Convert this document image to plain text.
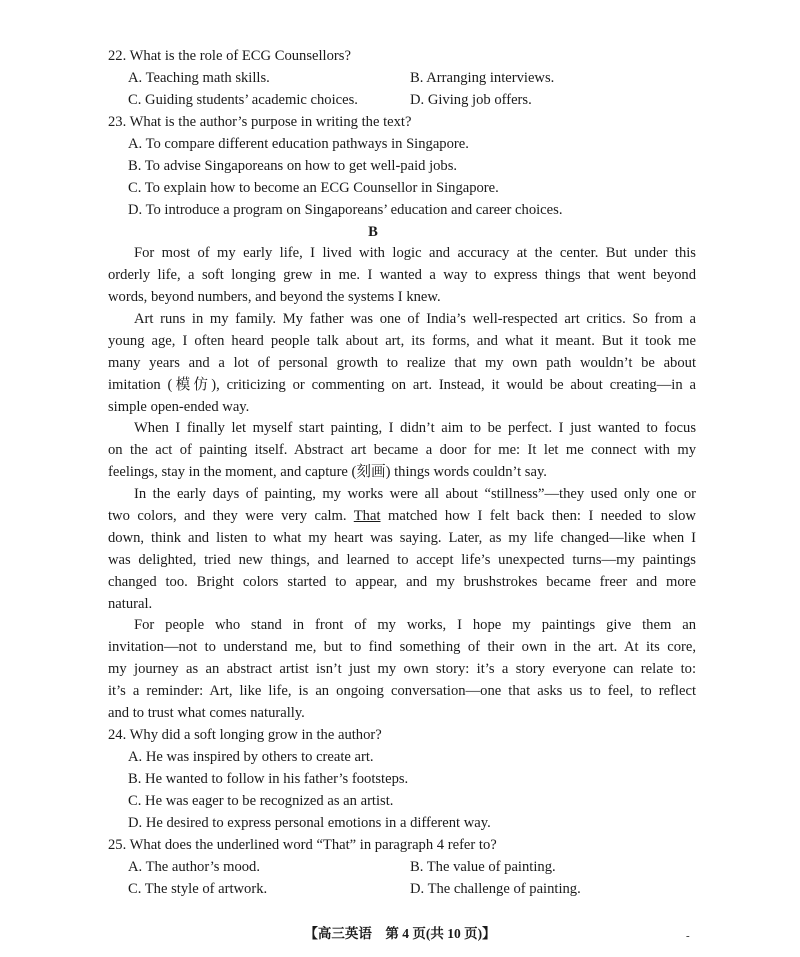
22. What is the role of ECG Counsellors?
A. Teaching math skills.	B. Arranging interviews.
C. Guiding students’ academic choices.	D. Giving job offers.
23. What is the author’s purpose in writing the text?
A. To compare different education pathways in Singapore.
B. To advise Singaporeans on how to get well-paid jobs.
C. To explain how to become an ECG Counsellor in Singapore.
D. To introduce a program on Singaporeans’ education and career choices.
B
For most of my early life, I lived with logic and accuracy at the center. But under this
orderly life, a soft longing grew in me. I wanted a way to express things that went beyond
words, beyond numbers, and beyond the systems I knew.
Art runs in my family. My father was one of India’s well-respected art critics. So from a
young age, I often heard people talk about art, its forms, and what it meant. But it took me
many years and a lot of personal growth to realize that my own path wouldn’t be about
imitation (模仿), criticizing or commenting on art. Instead, it would be about creating—in a
simple open-ended way.
When I finally let myself start painting, I didn’t aim to be perfect. I just wanted to focus
on the act of painting itself. Abstract art became a door for me: It let me connect with my
feelings, stay in the moment, and capture (刻画) things words couldn’t say.
In the early days of painting, my works were all about “stillness”—they used only one or
two colors, and they were very calm. That matched how I felt back then: I needed to slow
down, think and listen to what my heart was saying. Later, as my life changed—like when I
was delighted, tried new things, and learned to accept life’s unexpected turns—my paintings
changed too. Bright colors started to appear, and my brushstrokes became freer and more
natural.
For people who stand in front of my works, I hope my paintings give them an
invitation—not to understand me, but to find something of their own in the art. At its core,
my journey as an abstract artist isn’t just my own story: it’s a story everyone can relate to:
it’s a reminder: Art, like life, is an ongoing conversation—one that asks us to feel, to reflect
and to trust what comes naturally.
24. Why did a soft longing grow in the author?
A. He was inspired by others to create art.
B. He wanted to follow in his father’s footsteps.
C. He was eager to be recognized as an artist.
D. He desired to express personal emotions in a different way.
25. What does the underlined word “That” in paragraph 4 refer to?
A. The author’s mood.	B. The value of painting.
C. The style of artwork.	D. The challenge of painting.
【高三英语　第 4 页(共 10 页)】	-
